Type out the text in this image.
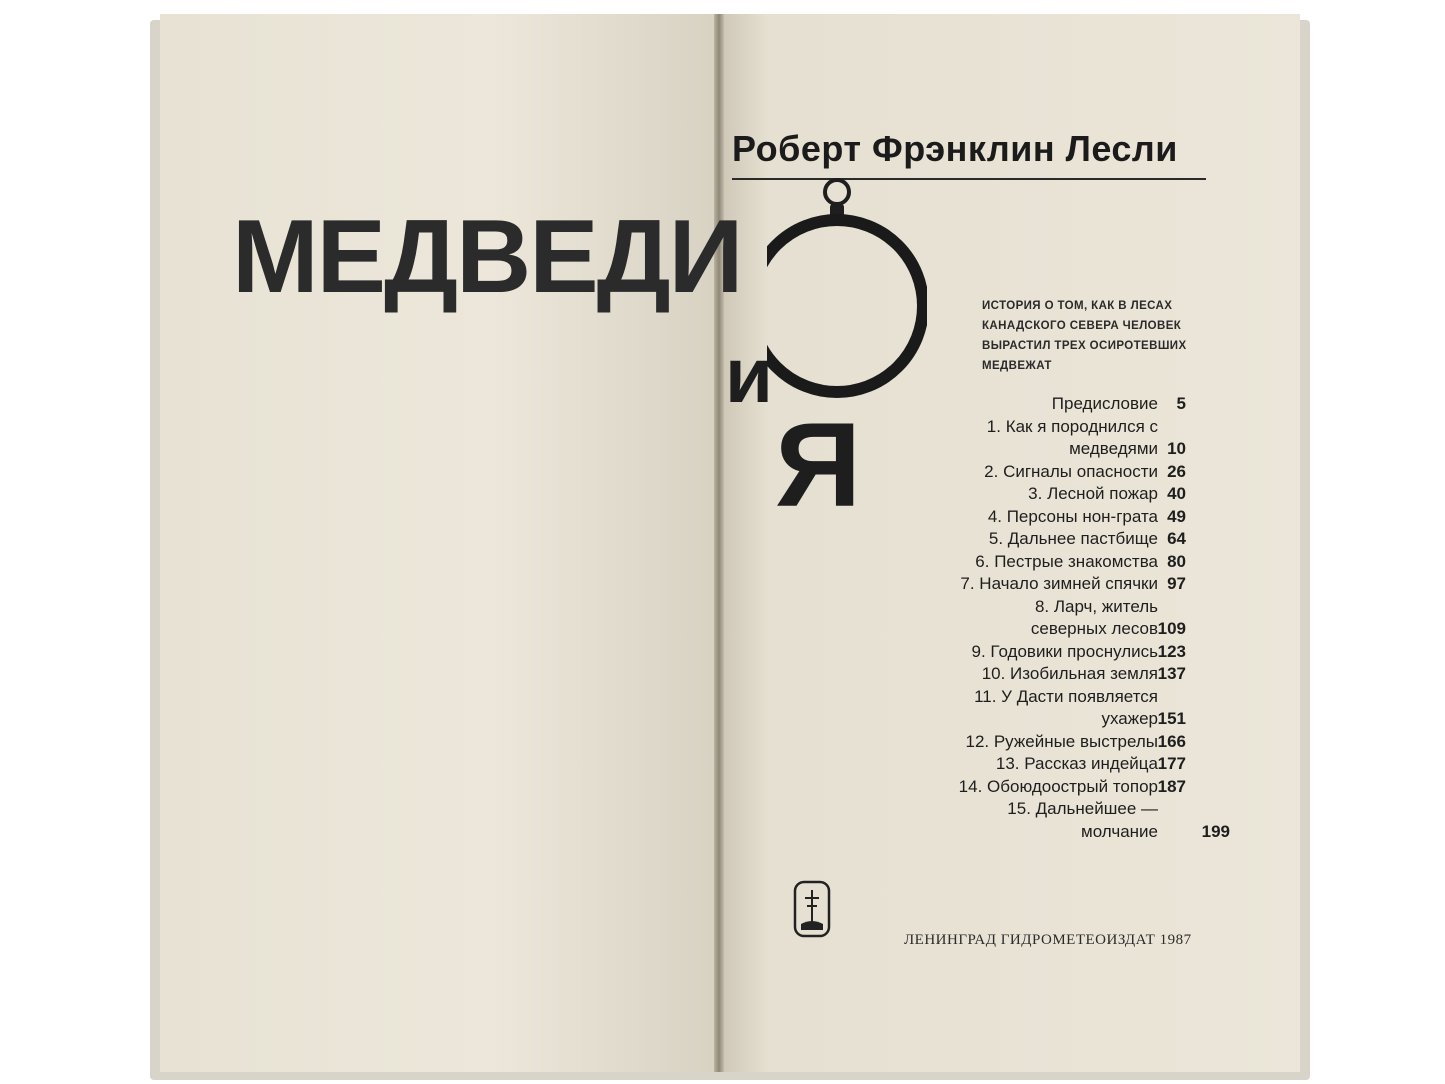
Роберт Фрэнклин Лесли
МЕДВЕДИ
и
Я
ИСТОРИЯ О ТОМ, КАК В ЛЕСАХ
КАНАДСКОГО СЕВЕРА ЧЕЛОВЕК
ВЫРАСТИЛ ТРЕХ ОСИРОТЕВШИХ
МЕДВЕЖАТ
Предисловие 5
1. Как я породнился с
медведями 10
2. Сигналы опасности 26
3. Лесной пожар 40
4. Персоны нон-грата 49
5. Дальнее пастбище 64
6. Пестрые знакомства 80
7. Начало зимней спячки 97
8. Ларч, житель
северных лесов 109
9. Годовики проснулись 123
10. Изобильная земля 137
11. У Дасти появляется
ухажер 151
12. Ружейные выстрелы 166
13. Рассказ индейца 177
14. Обоюдоострый топор 187
15. Дальнейшее —
молчание	199
ЛЕНИНГРАД ГИДРОМЕТЕОИЗДАТ 1987
